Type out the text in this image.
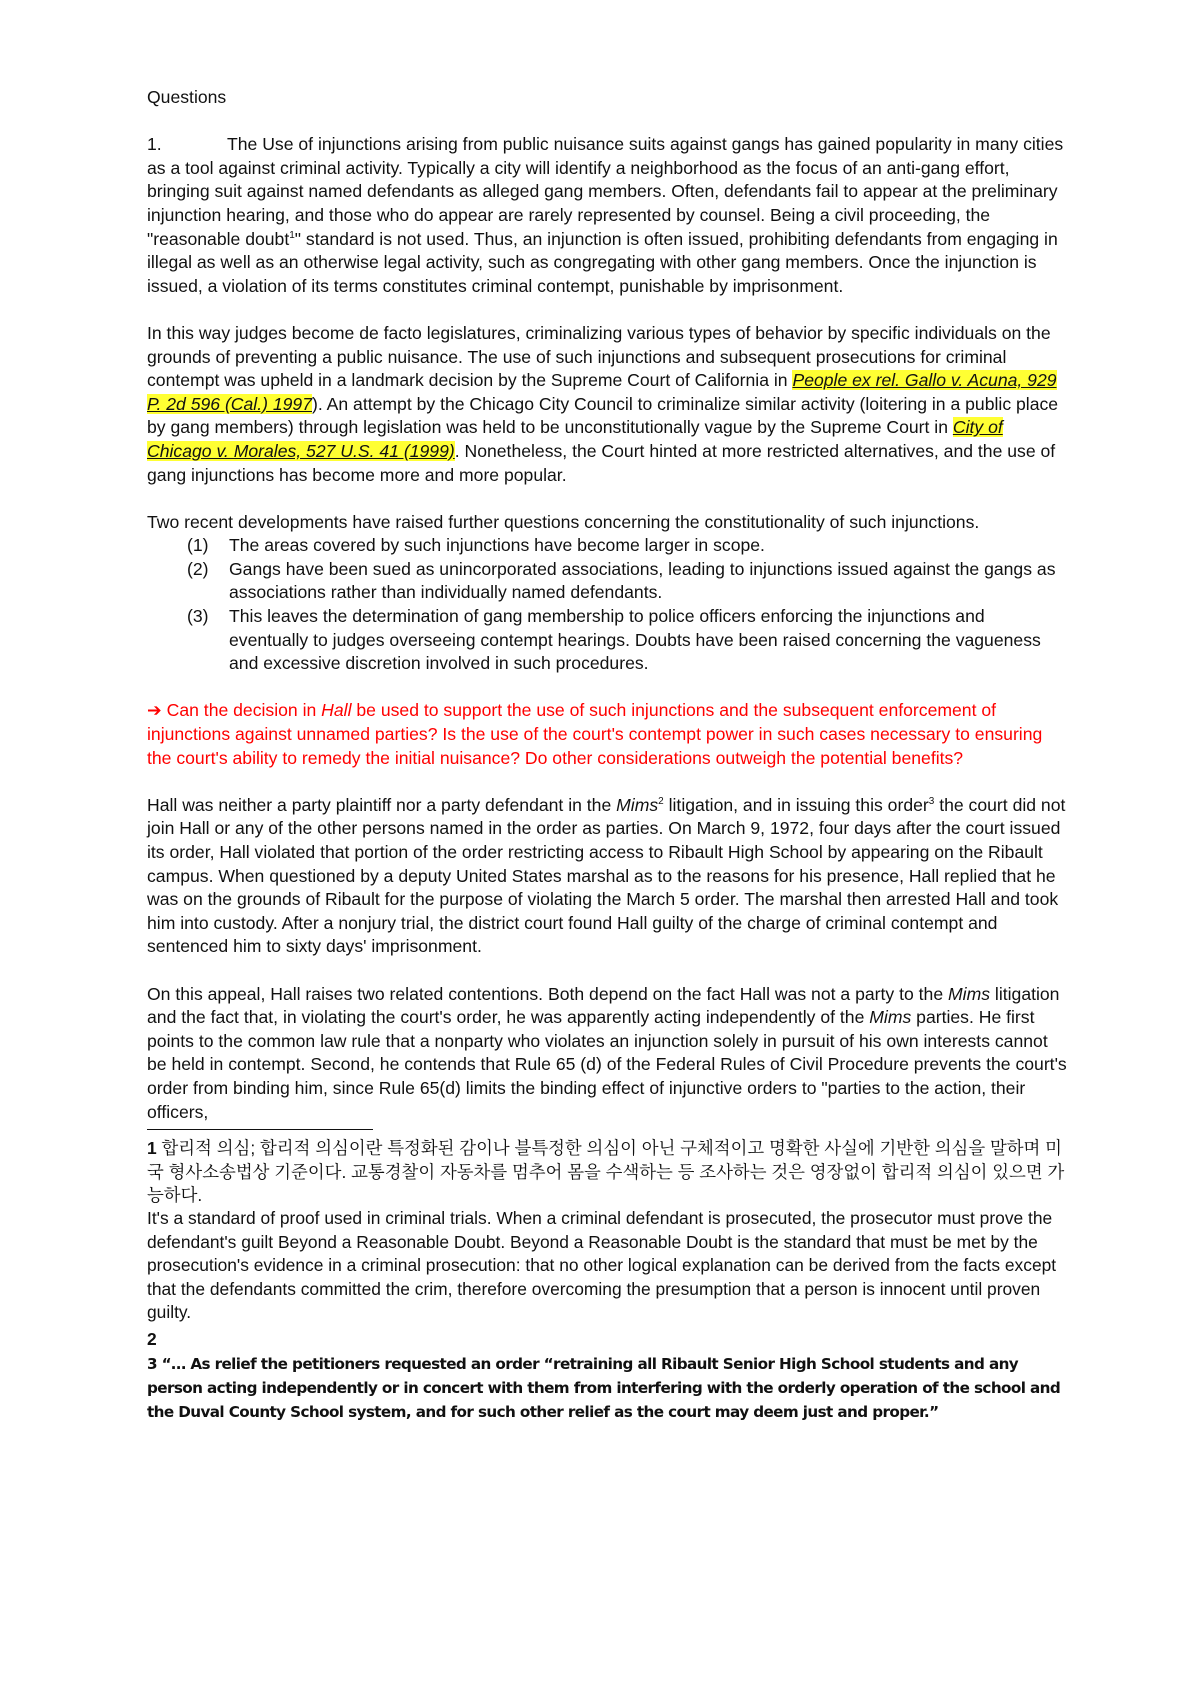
Questions

1.	The Use of injunctions arising from public nuisance suits against gangs has gained popularity in many cities as a tool against criminal activity. Typically a city will identify a neighborhood as the focus of an anti-gang effort, bringing suit against named defendants as alleged gang members. Often, defendants fail to appear at the preliminary injunction hearing, and those who do appear are rarely represented by counsel. Being a civil proceeding, the "reasonable doubt$^1$" standard is not used. Thus, an injunction is often issued, prohibiting defendants from engaging in illegal as well as an otherwise legal activity, such as congregating with other gang members. Once the injunction is issued, a violation of its terms constitutes criminal contempt, punishable by imprisonment.

In this way judges become de facto legislatures, criminalizing various types of behavior by specific individuals on the grounds of preventing a public nuisance. The use of such injunctions and subsequent prosecutions for criminal contempt was upheld in a landmark decision by the Supreme Court of California in People ex rel. Gallo v. Acuna, 929 P. 2d 596 (Cal.) 1997). An attempt by the Chicago City Council to criminalize similar activity (loitering in a public place by gang members) through legislation was held to be unconstitutionally vague by the Supreme Court in City of Chicago v. Morales, 527 U.S. 41 (1999). Nonetheless, the Court hinted at more restricted alternatives, and the use of gang injunctions has become more and more popular.

Two recent developments have raised further questions concerning the constitutionality of such injunctions.

(1)	The areas covered by such injunctions have become larger in scope.
(2)	Gangs have been sued as unincorporated associations, leading to injunctions issued against the gangs as associations rather than individually named defendants.
(3)	This leaves the determination of gang membership to police officers enforcing the injunctions and eventually to judges overseeing contempt hearings. Doubts have been raised concerning the vagueness and excessive discretion involved in such procedures.

➔ Can the decision in Hall be used to support the use of such injunctions and the subsequent enforcement of injunctions against unnamed parties? Is the use of the court's contempt power in such cases necessary to ensuring the court's ability to remedy the initial nuisance? Do other considerations outweigh the potential benefits?

Hall was neither a party plaintiff nor a party defendant in the Mims$^2$ litigation, and in issuing this order$^3$ the court did not join Hall or any of the other persons named in the order as parties. On March 9, 1972, four days after the court issued its order, Hall violated that portion of the order restricting access to Ribault High School by appearing on the Ribault campus. When questioned by a deputy United States marshal as to the reasons for his presence, Hall replied that he was on the grounds of Ribault for the purpose of violating the March 5 order. The marshal then arrested Hall and took him into custody. After a nonjury trial, the district court found Hall guilty of the charge of criminal contempt and sentenced him to sixty days' imprisonment.

On this appeal, Hall raises two related contentions. Both depend on the fact Hall was not a party to the Mims litigation and the fact that, in violating the court's order, he was apparently acting independently of the Mims parties. He first points to the common law rule that a nonparty who violates an injunction solely in pursuit of his own interests cannot be held in contempt. Second, he contends that Rule 65 (d) of the Federal Rules of Civil Procedure prevents the court's order from binding him, since Rule 65(d) limits the binding effect of injunctive orders to "parties to the action, their officers,

1 합리적 의심; 합리적 의심이란 특정화된 감이나 블특정한 의심이 아닌 구체적이고 명확한 사실에 기반한 의심을 말하며 미국 형사소송법상 기준이다. 교통경찰이 자동차를 멈추어 몸을 수색하는 등 조사하는 것은 영장없이 합리적 의심이 있으면 가능하다.

It's a standard of proof used in criminal trials. When a criminal defendant is prosecuted, the prosecutor must prove the defendant's guilt Beyond a Reasonable Doubt. Beyond a Reasonable Doubt is the standard that must be met by the prosecution's evidence in a criminal prosecution: that no other logical explanation can be derived from the facts except that the defendants committed the crim, therefore overcoming the presumption that a person is innocent until proven guilty.

2

3 “… As relief the petitioners requested an order “retraining all Ribault Senior High School students and any person acting independently or in concert with them from interfering with the orderly operation of the school and the Duval County School system, and for such other relief as the court may deem just and proper.”
